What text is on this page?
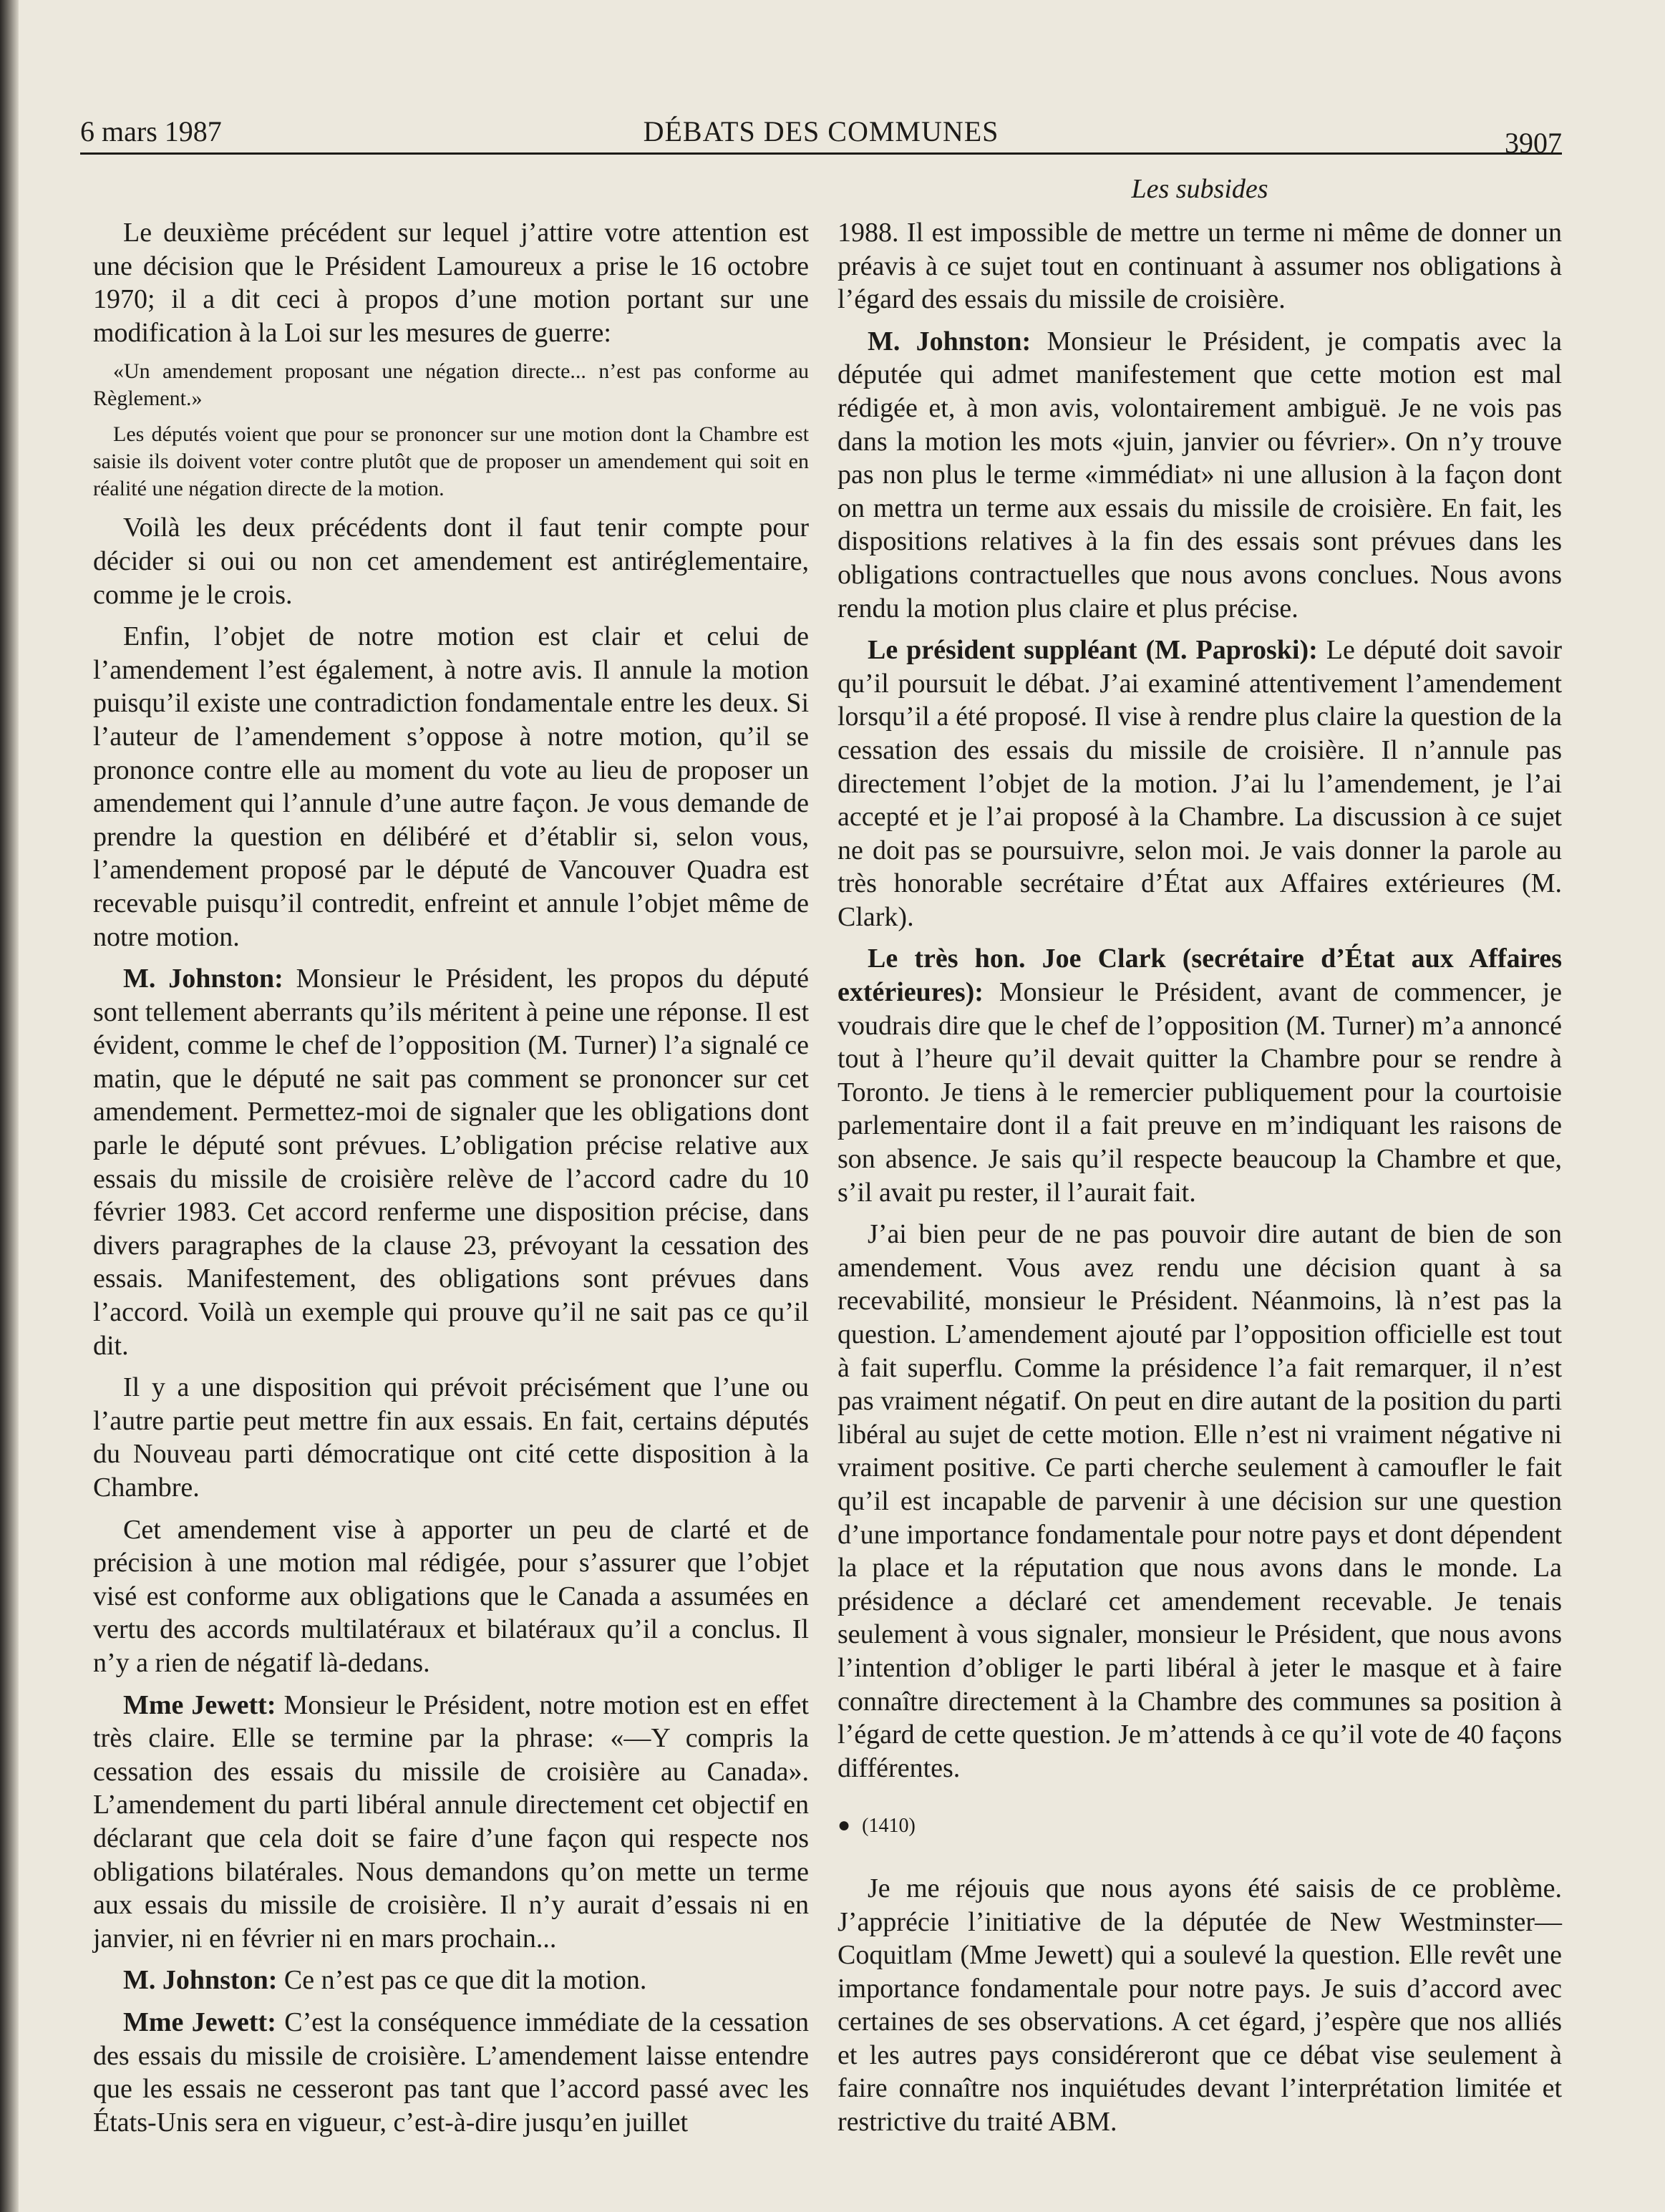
6 mars 1987	DÉBATS DES COMMUNES	3907
Les subsides

Le deuxième précédent sur lequel j’attire votre attention est une décision que le Président Lamoureux a prise le 16 octobre 1970; il a dit ceci à propos d’une motion portant sur une modification à la Loi sur les mesures de guerre:

«Un amendement proposant une négation directe... n’est pas conforme au Règlement.»

Les députés voient que pour se prononcer sur une motion dont la Chambre est saisie ils doivent voter contre plutôt que de proposer un amendement qui soit en réalité une négation directe de la motion.

Voilà les deux précédents dont il faut tenir compte pour décider si oui ou non cet amendement est antiréglementaire, comme je le crois.

Enfin, l’objet de notre motion est clair et celui de l’amendement l’est également, à notre avis. Il annule la motion puisqu’il existe une contradiction fondamentale entre les deux. Si l’auteur de l’amendement s’oppose à notre motion, qu’il se prononce contre elle au moment du vote au lieu de proposer un amendement qui l’annule d’une autre façon. Je vous demande de prendre la question en délibéré et d’établir si, selon vous, l’amendement proposé par le député de Vancouver Quadra est recevable puisqu’il contredit, enfreint et annule l’objet même de notre motion.

M. Johnston: Monsieur le Président, les propos du député sont tellement aberrants qu’ils méritent à peine une réponse. Il est évident, comme le chef de l’opposition (M. Turner) l’a signalé ce matin, que le député ne sait pas comment se prononcer sur cet amendement. Permettez-moi de signaler que les obligations dont parle le député sont prévues. L’obligation précise relative aux essais du missile de croisière relève de l’accord cadre du 10 février 1983. Cet accord renferme une disposition précise, dans divers paragraphes de la clause 23, prévoyant la cessation des essais. Manifestement, des obligations sont prévues dans l’accord. Voilà un exemple qui prouve qu’il ne sait pas ce qu’il dit.

Il y a une disposition qui prévoit précisément que l’une ou l’autre partie peut mettre fin aux essais. En fait, certains députés du Nouveau parti démocratique ont cité cette disposition à la Chambre.

Cet amendement vise à apporter un peu de clarté et de précision à une motion mal rédigée, pour s’assurer que l’objet visé est conforme aux obligations que le Canada a assumées en vertu des accords multilatéraux et bilatéraux qu’il a conclus. Il n’y a rien de négatif là-dedans.

Mme Jewett: Monsieur le Président, notre motion est en effet très claire. Elle se termine par la phrase: «—Y compris la cessation des essais du missile de croisière au Canada». L’amendement du parti libéral annule directement cet objectif en déclarant que cela doit se faire d’une façon qui respecte nos obligations bilatérales. Nous demandons qu’on mette un terme aux essais du missile de croisière. Il n’y aurait d’essais ni en janvier, ni en février ni en mars prochain...

M. Johnston: Ce n’est pas ce que dit la motion.

Mme Jewett: C’est la conséquence immédiate de la cessation des essais du missile de croisière. L’amendement laisse entendre que les essais ne cesseront pas tant que l’accord passé avec les États-Unis sera en vigueur, c’est-à-dire jusqu’en juillet

1988. Il est impossible de mettre un terme ni même de donner un préavis à ce sujet tout en continuant à assumer nos obligations à l’égard des essais du missile de croisière.

M. Johnston: Monsieur le Président, je compatis avec la députée qui admet manifestement que cette motion est mal rédigée et, à mon avis, volontairement ambiguë. Je ne vois pas dans la motion les mots «juin, janvier ou février». On n’y trouve pas non plus le terme «immédiat» ni une allusion à la façon dont on mettra un terme aux essais du missile de croisière. En fait, les dispositions relatives à la fin des essais sont prévues dans les obligations contractuelles que nous avons conclues. Nous avons rendu la motion plus claire et plus précise.

Le président suppléant (M. Paproski): Le député doit savoir qu’il poursuit le débat. J’ai examiné attentivement l’amendement lorsqu’il a été proposé. Il vise à rendre plus claire la question de la cessation des essais du missile de croisière. Il n’annule pas directement l’objet de la motion. J’ai lu l’amendement, je l’ai accepté et je l’ai proposé à la Chambre. La discussion à ce sujet ne doit pas se poursuivre, selon moi. Je vais donner la parole au très honorable secrétaire d’État aux Affaires extérieures (M. Clark).

Le très hon. Joe Clark (secrétaire d’État aux Affaires extérieures): Monsieur le Président, avant de commencer, je voudrais dire que le chef de l’opposition (M. Turner) m’a annoncé tout à l’heure qu’il devait quitter la Chambre pour se rendre à Toronto. Je tiens à le remercier publiquement pour la courtoisie parlementaire dont il a fait preuve en m’indiquant les raisons de son absence. Je sais qu’il respecte beaucoup la Chambre et que, s’il avait pu rester, il l’aurait fait.

J’ai bien peur de ne pas pouvoir dire autant de bien de son amendement. Vous avez rendu une décision quant à sa recevabilité, monsieur le Président. Néanmoins, là n’est pas la question. L’amendement ajouté par l’opposition officielle est tout à fait superflu. Comme la présidence l’a fait remarquer, il n’est pas vraiment négatif. On peut en dire autant de la position du parti libéral au sujet de cette motion. Elle n’est ni vraiment négative ni vraiment positive. Ce parti cherche seulement à camoufler le fait qu’il est incapable de parvenir à une décision sur une question d’une importance fondamentale pour notre pays et dont dépendent la place et la réputation que nous avons dans le monde. La présidence a déclaré cet amendement recevable. Je tenais seulement à vous signaler, monsieur le Président, que nous avons l’intention d’obliger le parti libéral à jeter le masque et à faire connaître directement à la Chambre des communes sa position à l’égard de cette question. Je m’attends à ce qu’il vote de 40 façons différentes.

● (1410)

Je me réjouis que nous ayons été saisis de ce problème. J’apprécie l’initiative de la députée de New Westminster—Coquitlam (Mme Jewett) qui a soulevé la question. Elle revêt une importance fondamentale pour notre pays. Je suis d’accord avec certaines de ses observations. A cet égard, j’espère que nos alliés et les autres pays considéreront que ce débat vise seulement à faire connaître nos inquiétudes devant l’interprétation limitée et restrictive du traité ABM.
